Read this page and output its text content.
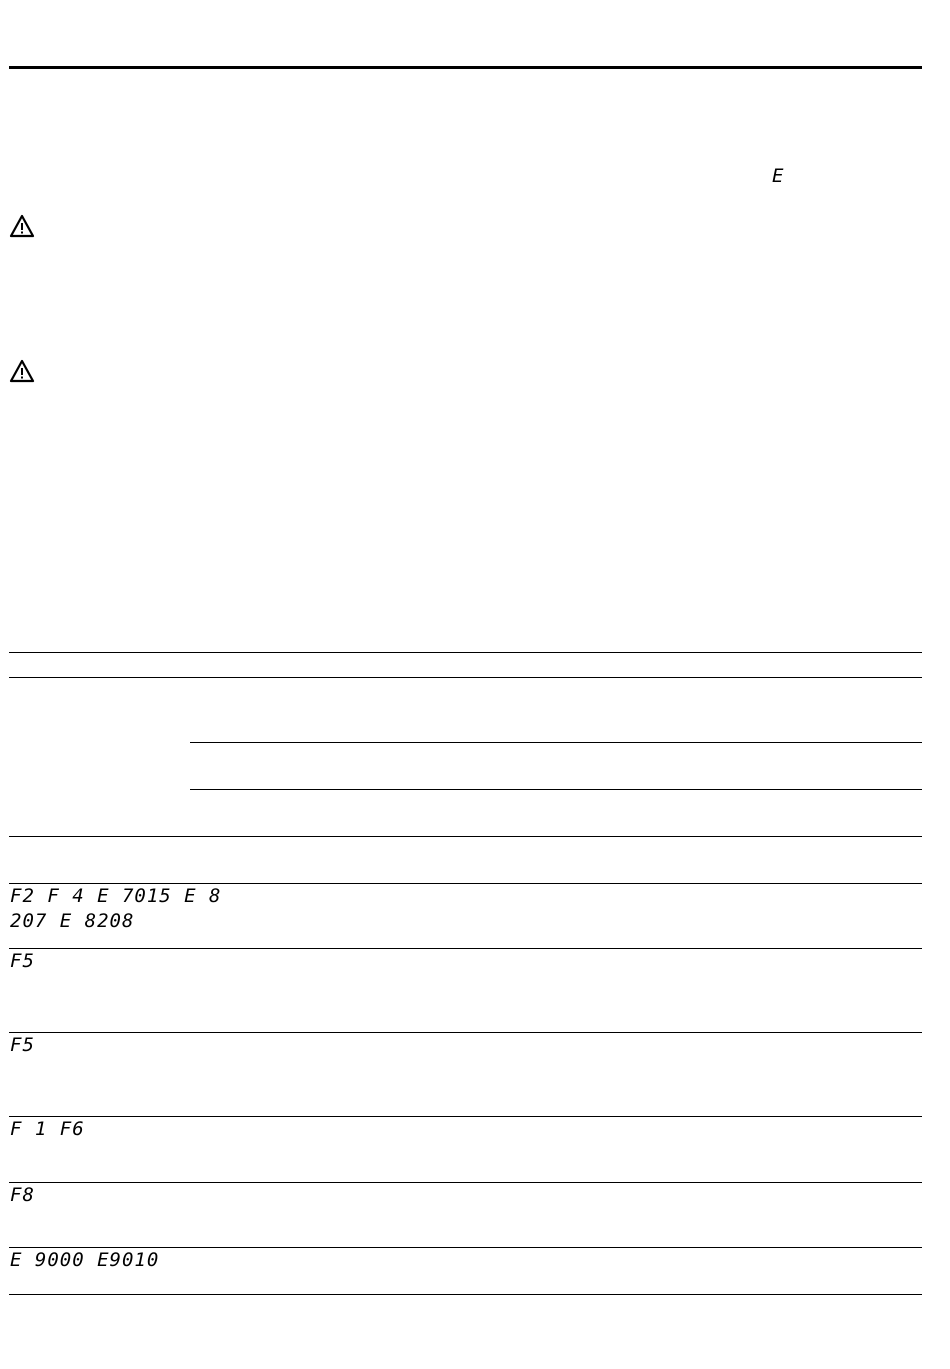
E
F2 F 4 E 7015 E 8
207 E 8208
F5
F5
F 1 F6
F8
E 9000 E9010
